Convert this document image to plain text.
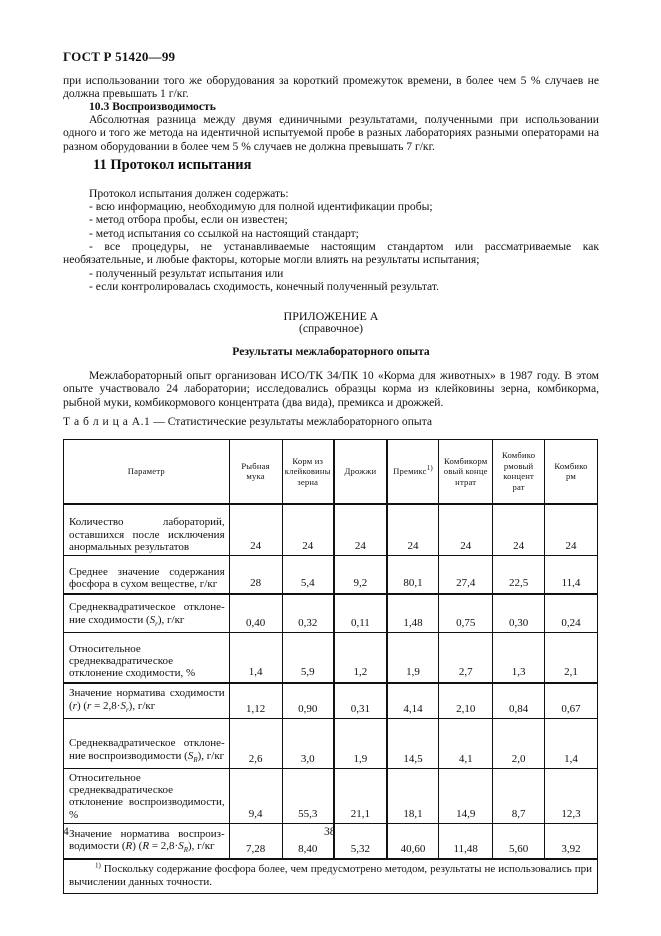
ГОСТ Р 51420—99
при использовании того же оборудования за короткий промежуток времени, в более чем 5 % случаев не должна превышать 1 г/кг.
10.3 Воспроизводимость
Абсолютная разница между двумя единичными результатами, полученными при использовании одного и того же метода на идентичной испытуемой пробе в разных лабораториях разными операторами на разном оборудовании в более чем 5 % случаев не должна превышать 7 г/кг.
11 Протокол испытания
Протокол испытания должен содержать:
- всю информацию, необходимую для полной идентификации пробы;
- метод отбора пробы, если он известен;
- метод испытания со ссылкой на настоящий стандарт;
- все процедуры, не устанавливаемые настоящим стандартом или рассматриваемые как необязательные, и любые факторы, которые могли влиять на результаты испытания;
- полученный результат испытания или
- если контролировалась сходимость, конечный полученный результат.
ПРИЛОЖЕНИЕ А
(справочное)
Результаты межлабораторного опыта
Межлабораторный опыт организован ИСО/ТК 34/ПК 10 «Корма для животных» в 1987 году. В этом опыте участвовало 24 лаборатории; исследовались образцы корма из клейковины зерна, комбикорма, рыбной муки, комбикормового концентрата (два вида), премикса и дрожжей.
Т а б л и ц а А.1 — Статистические результаты межлабораторного опыта
Параметр	Рыбная мука	Корм из клейковины зерна	Дрожжи	Премикс$^{1)}$	Комбикормовый концентрат	Комбикормовый концентрат	Комбикорм
Количество лабораторий, оставшихся после исключения анормальных результатов	24	24	24	24	24	24	24
Среднее значение содержания фосфора в сухом веществе, г/кг	28	5,4	9,2	80,1	27,4	22,5	11,4
Среднеквадратическое отклонение сходимости $(S_r)$, г/кг	0,40	0,32	0,11	1,48	0,75	0,30	0,24
Относительное среднеквадратическое отклонение сходимости, %	1,4	5,9	1,2	1,9	2,7	1,3	2,1
Значение норматива сходимости (r) $(r = 2,8\cdot S_r)$, г/кг	1,12	0,90	0,31	4,14	2,10	0,84	0,67
Среднеквадратическое отклонение воспроизводимости $(S_R)$, г/кг	2,6	3,0	1,9	14,5	4,1	2,0	1,4
Относительное среднеквадратическое отклонение воспроизводимости, %	9,4	55,3	21,1	18,1	14,9	8,7	12,3
Значение норматива воспроизводимости (R) $(R = 2,8\cdot S_R)$, г/кг	7,28	8,40	5,32	40,60	11,48	5,60	3,92
$^{1)}$ Поскольку содержание фосфора более, чем предусмотрено методом, результаты не использовались при вычислении данных точности.							
4	38
